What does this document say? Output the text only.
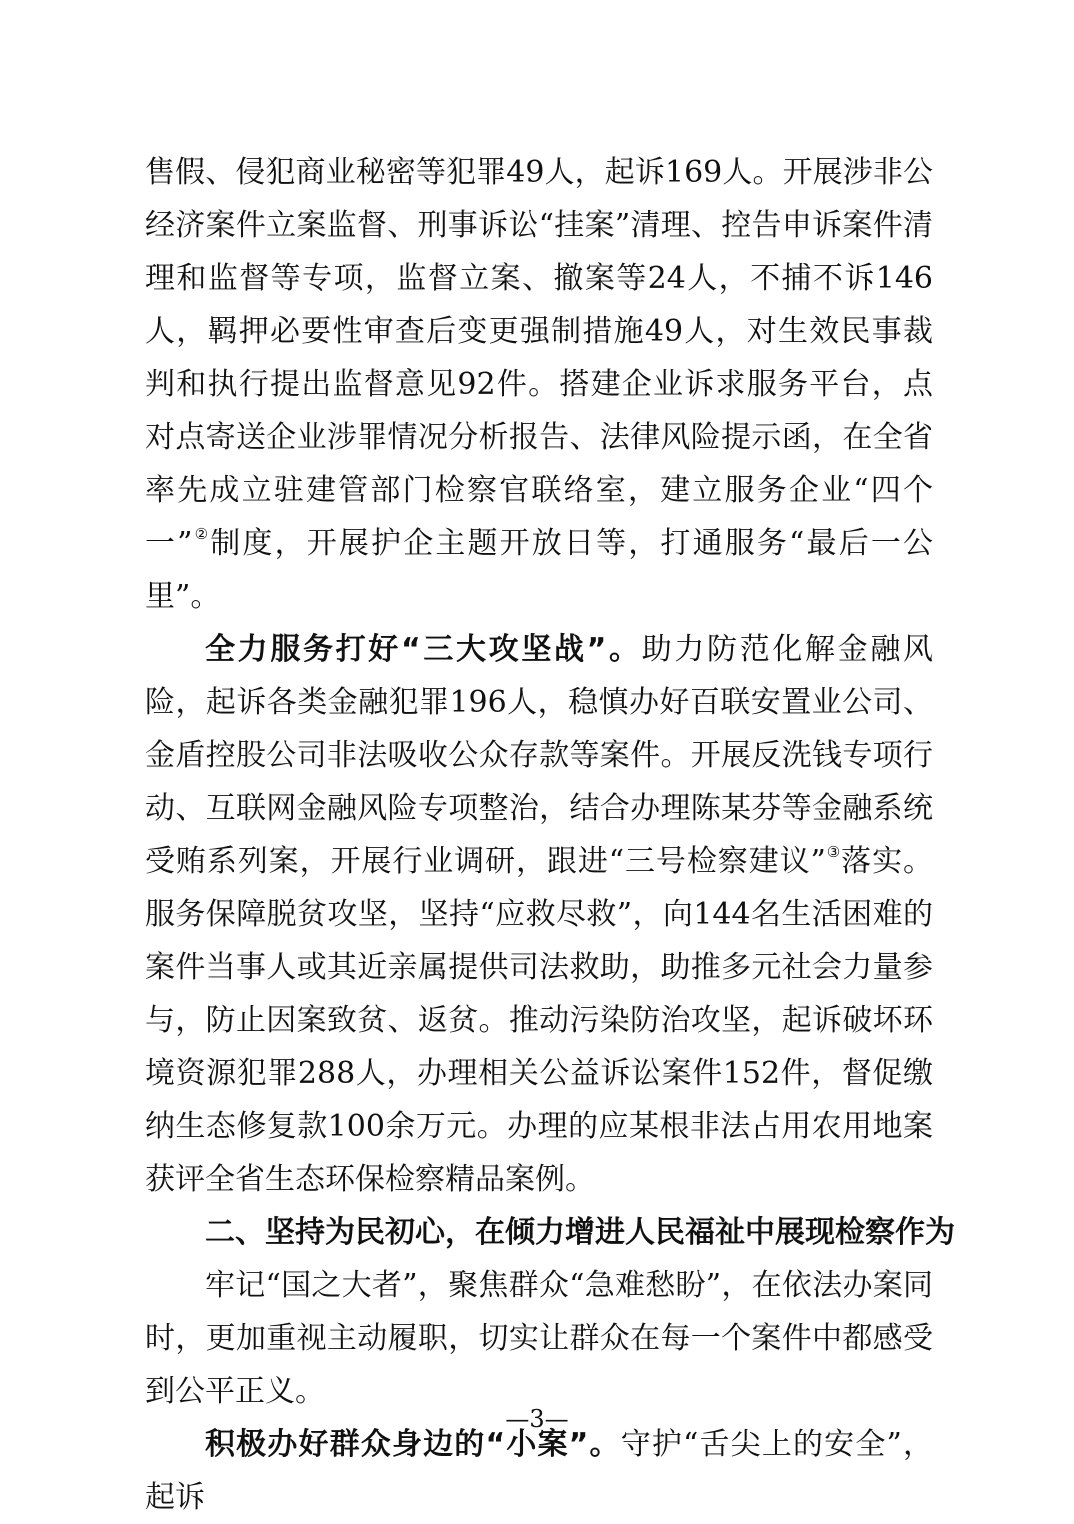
售假、侵犯商业秘密等犯罪49人，起诉169人。开展涉非公经济案件立案监督、刑事诉讼“挂案”清理、控告申诉案件清理和监督等专项，监督立案、撤案等24人，不捕不诉146人，羁押必要性审查后变更强制措施49人，对生效民事裁判和执行提出监督意见92件。搭建企业诉求服务平台，点对点寄送企业涉罪情况分析报告、法律风险提示函，在全省率先成立驻建管部门检察官联络室，建立服务企业“四个一”②制度，开展护企主题开放日等，打通服务“最后一公里”。

全力服务打好“三大攻坚战”。助力防范化解金融风险，起诉各类金融犯罪196人，稳慎办好百联安置业公司、金盾控股公司非法吸收公众存款等案件。开展反洗钱专项行动、互联网金融风险专项整治，结合办理陈某芬等金融系统受贿系列案，开展行业调研，跟进“三号检察建议”③落实。服务保障脱贫攻坚，坚持“应救尽救”，向144名生活困难的案件当事人或其近亲属提供司法救助，助推多元社会力量参与，防止因案致贫、返贫。推动污染防治攻坚，起诉破坏环境资源犯罪288人，办理相关公益诉讼案件152件，督促缴纳生态修复款100余万元。办理的应某根非法占用农用地案获评全省生态环保检察精品案例。

二、坚持为民初心，在倾力增进人民福祉中展现检察作为

牢记“国之大者”，聚焦群众“急难愁盼”，在依法办案同时，更加重视主动履职，切实让群众在每一个案件中都感受到公平正义。

积极办好群众身边的“小案”。守护“舌尖上的安全”，起诉

—3—
